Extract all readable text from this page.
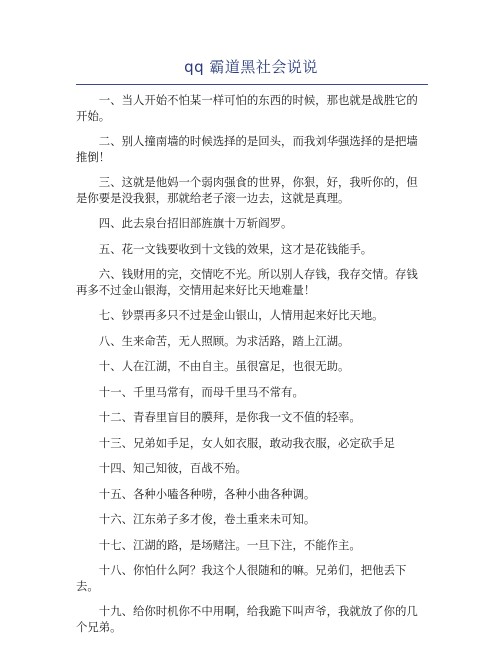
qq 霸道黑社会说说

一、当人开始不怕某一样可怕的东西的时候，那也就是战胜它的开始。

二、别人撞南墙的时候选择的是回头，而我刘华强选择的是把墙推倒！

三、这就是他妈一个弱肉强食的世界，你狠，好，我听你的，但是你要是没我狠，那就给老子滚一边去，这就是真理。

四、此去泉台招旧部旌旗十万斩阎罗。

五、花一文钱要收到十文钱的效果，这才是花钱能手。

六、钱财用的完，交情吃不光。所以别人存钱，我存交情。存钱再多不过金山银海，交情用起来好比天地难量！

七、钞票再多只不过是金山银山，人情用起来好比天地。

八、生来命苦，无人照顾。为求活路，踏上江湖。

十、人在江湖，不由自主。虽很富足，也很无助。

十一、千里马常有，而母千里马不常有。

十二、青春里盲目的膜拜，是你我一文不值的轻率。

十三、兄弟如手足，女人如衣服，敢动我衣服，必定砍手足

十四、知己知彼，百战不殆。

十五、各种小嗑各种唠，各种小曲各种调。

十六、江东弟子多才俊，卷土重来未可知。

十七、江湖的路，是场赌注。一旦下注，不能作主。

十八、你怕什么阿？我这个人很随和的嘛。兄弟们，把他丢下去。

十九、给你时机你不中用啊，给我跪下叫声爷，我就放了你的几个兄弟。
